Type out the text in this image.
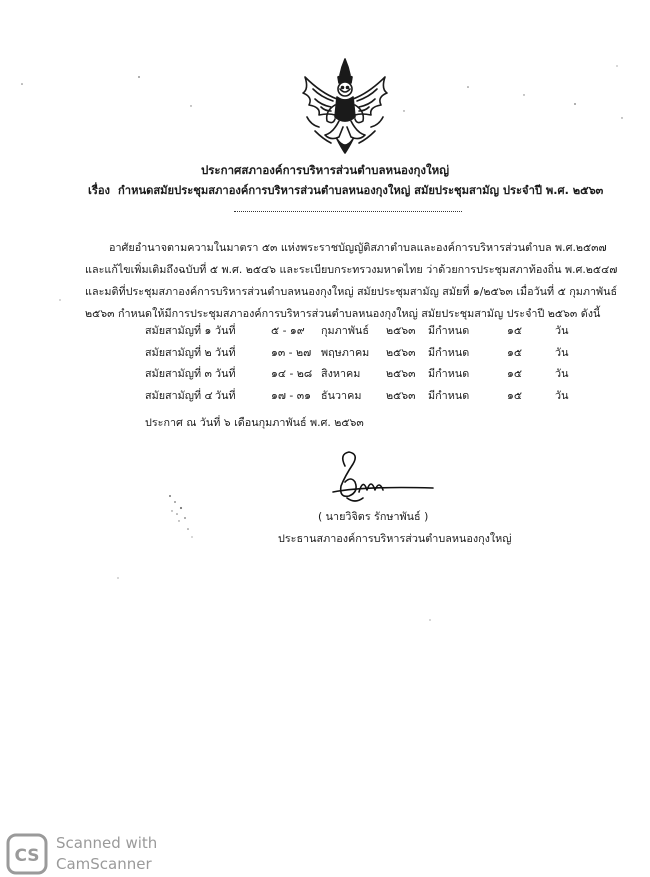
ประกาศสภาองค์การบริหารส่วนตำบลหนองกุงใหญ่
เรื่อง กำหนดสมัยประชุมสภาองค์การบริหารส่วนตำบลหนองกุงใหญ่ สมัยประชุมสามัญ ประจำปี พ.ศ. ๒๕๖๓
อาศัยอำนาจตามความในมาตรา ๕๓ แห่งพระราชบัญญัติสภาตำบลและองค์การบริหารส่วนตำบล พ.ศ.๒๕๓๗
และแก้ไขเพิ่มเติมถึงฉบับที่ ๕ พ.ศ. ๒๕๔๖ และระเบียบกระทรวงมหาดไทย ว่าด้วยการประชุมสภาท้องถิ่น พ.ศ.๒๕๔๗
และมติที่ประชุมสภาองค์การบริหารส่วนตำบลหนองกุงใหญ่ สมัยประชุมสามัญ สมัยที่ ๑/๒๕๖๓ เมื่อวันที่ ๕ กุมภาพันธ์
๒๕๖๓ กำหนดให้มีการประชุมสภาองค์การบริหารส่วนตำบลหนองกุงใหญ่ สมัยประชุมสามัญ ประจำปี ๒๕๖๓ ดังนี้
สมัยสามัญที่ ๑ วันที่	๕ - ๑๙ กุมภาพันธ์ ๒๕๖๓ มีกำหนด	๑๕	วัน
สมัยสามัญที่ ๒ วันที่	๑๓ - ๒๗ พฤษภาคม ๒๕๖๓ มีกำหนด	๑๕	วัน
สมัยสามัญที่ ๓ วันที่	๑๔ - ๒๘ สิงหาคม ๒๕๖๓ มีกำหนด	๑๕	วัน
สมัยสามัญที่ ๔ วันที่	๑๗ - ๓๑ ธันวาคม ๒๕๖๓ มีกำหนด	๑๕	วัน
ประกาศ ณ วันที่ ๖ เดือนกุมภาพันธ์ พ.ศ. ๒๕๖๓
( นายวิจิตร รักษาพันธ์ )
ประธานสภาองค์การบริหารส่วนตำบลหนองกุงใหญ่
CS
Scanned with
CamScanner
